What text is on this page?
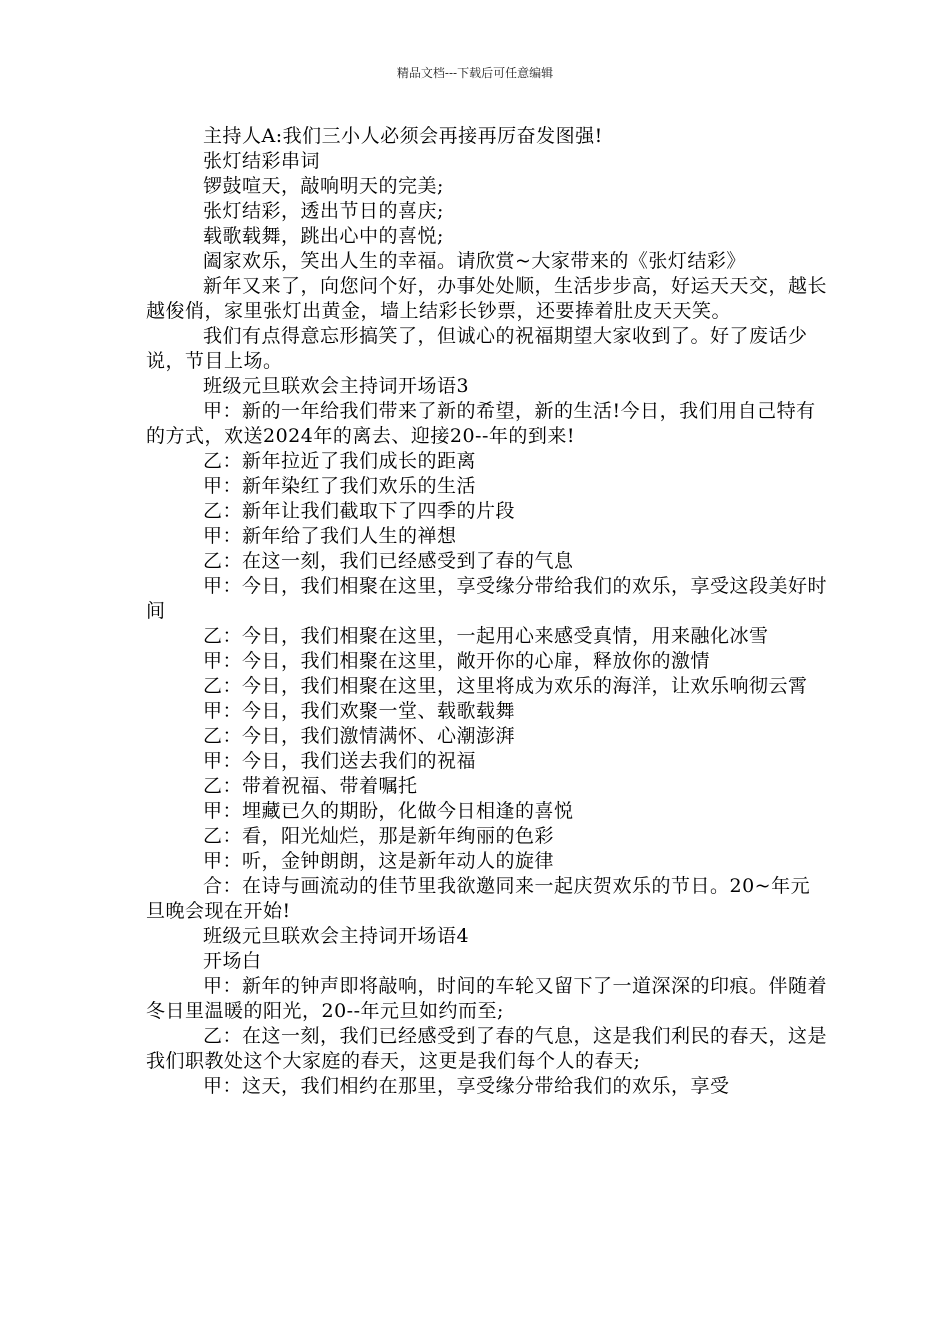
精品文档---下载后可任意编辑

主持人A:我们三小人必须会再接再厉奋发图强!

张灯结彩串词

锣鼓喧天，敲响明天的完美;

张灯结彩，透出节日的喜庆;

载歌载舞，跳出心中的喜悦;

阖家欢乐，笑出人生的幸福。请欣赏~大家带来的《张灯结彩》

新年又来了，向您问个好，办事处处顺，生活步步高，好运天天交，越长越俊俏，家里张灯出黄金，墙上结彩长钞票，还要捧着肚皮天天笑。

我们有点得意忘形搞笑了，但诚心的祝福期望大家收到了。好了废话少说，节目上场。

班级元旦联欢会主持词开场语3

甲：新的一年给我们带来了新的希望，新的生活!今日，我们用自己特有的方式，欢送2024年的离去、迎接20--年的到来!

乙：新年拉近了我们成长的距离

甲：新年染红了我们欢乐的生活

乙：新年让我们截取下了四季的片段

甲：新年给了我们人生的禅想

乙：在这一刻，我们已经感受到了春的气息

甲：今日，我们相聚在这里，享受缘分带给我们的欢乐，享受这段美好时间

乙：今日，我们相聚在这里，一起用心来感受真情，用来融化冰雪

甲：今日，我们相聚在这里，敞开你的心扉，释放你的激情

乙：今日，我们相聚在这里，这里将成为欢乐的海洋，让欢乐响彻云霄

甲：今日，我们欢聚一堂、载歌载舞

乙：今日，我们激情满怀、心潮澎湃

甲：今日，我们送去我们的祝福

乙：带着祝福、带着嘱托

甲：埋藏已久的期盼，化做今日相逢的喜悦

乙：看，阳光灿烂，那是新年绚丽的色彩

甲：听，金钟朗朗，这是新年动人的旋律

合：在诗与画流动的佳节里我欲邀同来一起庆贺欢乐的节日。20~年元旦晚会现在开始!

班级元旦联欢会主持词开场语4

开场白

甲：新年的钟声即将敲响，时间的车轮又留下了一道深深的印痕。伴随着冬日里温暖的阳光，20--年元旦如约而至;

乙：在这一刻，我们已经感受到了春的气息，这是我们利民的春天，这是我们职教处这个大家庭的春天，这更是我们每个人的春天;

甲：这天，我们相约在那里，享受缘分带给我们的欢乐，享受
